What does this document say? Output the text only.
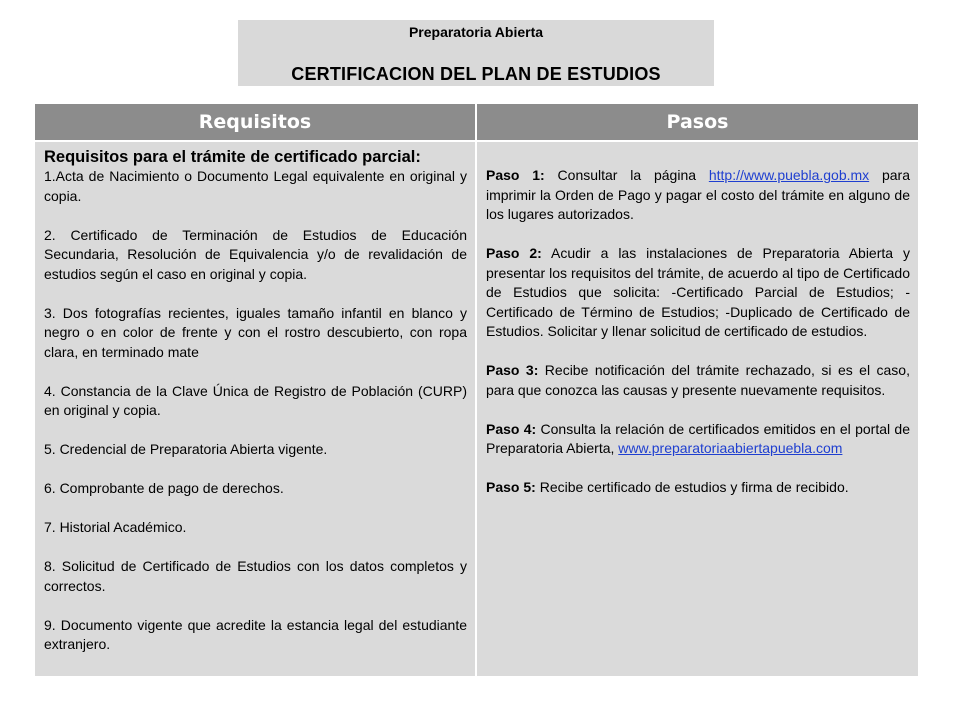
Preparatoria Abierta
CERTIFICACION DEL PLAN DE ESTUDIOS
Requisitos	Pasos

Requisitos para el trámite de certificado parcial:

1.Acta de Nacimiento o Documento Legal equivalente en original y copia.

2. Certificado de Terminación de Estudios de Educación Secundaria, Resolución de Equivalencia y/o de revalidación de estudios según el caso en original y copia.

3. Dos fotografías recientes, iguales tamaño infantil en blanco y negro o en color de frente y con el rostro descubierto, con ropa clara, en terminado mate

4. Constancia de la Clave Única de Registro de Población (CURP) en original y copia.

5. Credencial de Preparatoria Abierta vigente.

6. Comprobante de pago de derechos.

7. Historial Académico.

8. Solicitud de Certificado de Estudios con los datos completos y correctos.

9. Documento vigente que acredite la estancia legal del estudiante extranjero.

Paso 1: Consultar la página http://www.puebla.gob.mx para imprimir la Orden de Pago y pagar el costo del trámite en alguno de los lugares autorizados.

Paso 2: Acudir a las instalaciones de Preparatoria Abierta y presentar los requisitos del trámite, de acuerdo al tipo de Certificado de Estudios que solicita: -Certificado Parcial de Estudios; -Certificado de Término de Estudios; -Duplicado de Certificado de Estudios. Solicitar y llenar solicitud de certificado de estudios.

Paso 3: Recibe notificación del trámite rechazado, si es el caso, para que conozca las causas y presente nuevamente requisitos.

Paso 4: Consulta la relación de certificados emitidos en el portal de Preparatoria Abierta, www.preparatoriaabiertapuebla.com

Paso 5: Recibe certificado de estudios y firma de recibido.
